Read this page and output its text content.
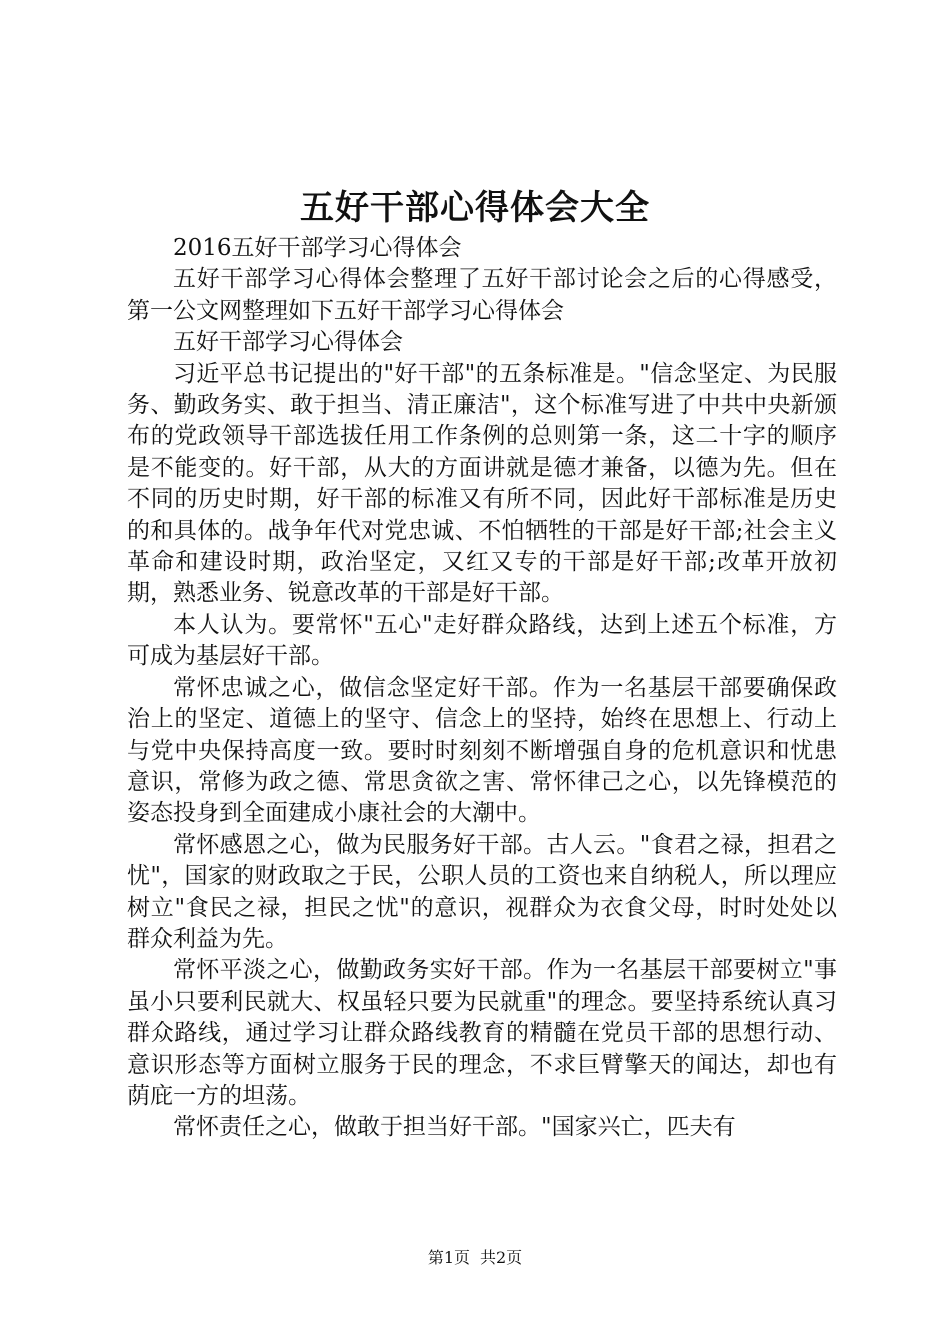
五好干部心得体会大全

2016五好干部学习心得体会

五好干部学习心得体会整理了五好干部讨论会之后的心得感受，第一公文网整理如下五好干部学习心得体会

五好干部学习心得体会

习近平总书记提出的"好干部"的五条标准是。"信念坚定、为民服务、勤政务实、敢于担当、清正廉洁"，这个标准写进了中共中央新颁布的党政领导干部选拔任用工作条例的总则第一条，这二十字的顺序是不能变的。好干部，从大的方面讲就是德才兼备，以德为先。但在不同的历史时期，好干部的标准又有所不同，因此好干部标准是历史的和具体的。战争年代对党忠诚、不怕牺牲的干部是好干部;社会主义革命和建设时期，政治坚定，又红又专的干部是好干部;改革开放初期，熟悉业务、锐意改革的干部是好干部。

本人认为。要常怀"五心"走好群众路线，达到上述五个标准，方可成为基层好干部。

常怀忠诚之心，做信念坚定好干部。作为一名基层干部要确保政治上的坚定、道德上的坚守、信念上的坚持，始终在思想上、行动上与党中央保持高度一致。要时时刻刻不断增强自身的危机意识和忧患意识，常修为政之德、常思贪欲之害、常怀律己之心，以先锋模范的姿态投身到全面建成小康社会的大潮中。

常怀感恩之心，做为民服务好干部。古人云。"食君之禄，担君之忧"，国家的财政取之于民，公职人员的工资也来自纳税人，所以理应树立"食民之禄，担民之忧"的意识，视群众为衣食父母，时时处处以群众利益为先。

常怀平淡之心，做勤政务实好干部。作为一名基层干部要树立"事虽小只要利民就大、权虽轻只要为民就重"的理念。要坚持系统认真习群众路线，通过学习让群众路线教育的精髓在党员干部的思想行动、意识形态等方面树立服务于民的理念，不求巨臂擎天的闻达，却也有荫庇一方的坦荡。

常怀责任之心，做敢于担当好干部。"国家兴亡，匹夫有

第1页 共2页
